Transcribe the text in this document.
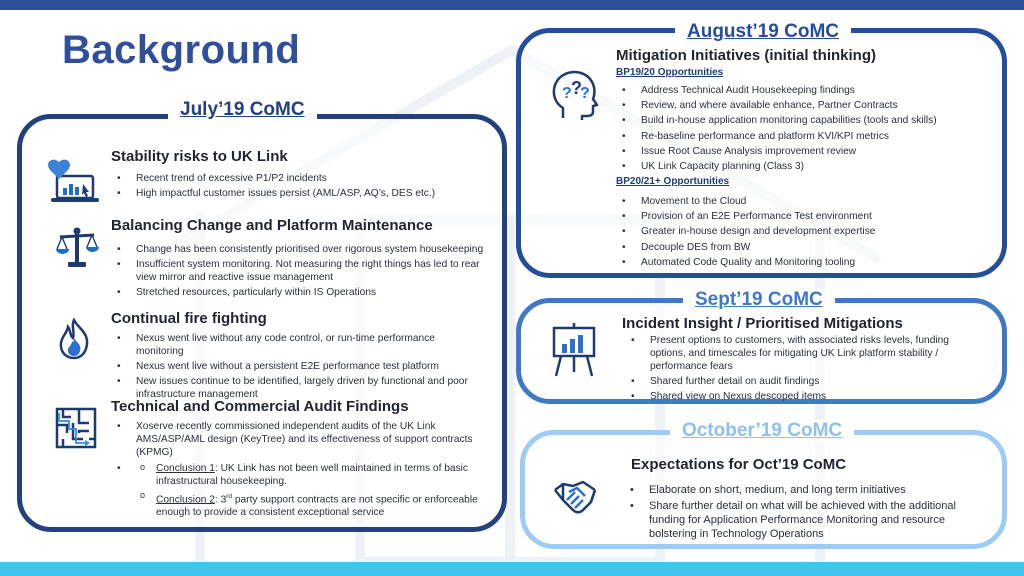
Background
July’19 CoMC
Stability risks to UK Link
• Recent trend of excessive P1/P2 incidents
• High impactful customer issues persist (AML/ASP, AQ’s, DES etc.)
Balancing Change and Platform Maintenance
• Change has been consistently prioritised over rigorous system housekeeping
• Insufficient system monitoring. Not measuring the right things has led to rear view mirror and reactive issue management
• Stretched resources, particularly within IS Operations
Continual fire fighting
• Nexus went live without any code control, or run-time performance monitoring
• Nexus went live without a persistent E2E performance test platform
• New issues continue to be identified, largely driven by functional and poor infrastructure management
Technical and Commercial Audit Findings
• Xoserve recently commissioned independent audits of the UK Link AMS/ASP/AML design (KeyTree) and its effectiveness of support contracts (KPMG)
o • Conclusion 1: UK Link has not been well maintained in terms of basic infrastructural housekeeping.
o Conclusion 2: 3rd party support contracts are not specific or enforceable enough to provide a consistent exceptional service
August’19 CoMC
? ?
?
Mitigation Initiatives (initial thinking)
BP19/20 Opportunities
• Address Technical Audit Housekeeping findings
• Review, and where available enhance, Partner Contracts
• Build in-house application monitoring capabilities (tools and skills)
• Re-baseline performance and platform KVI/KPI metrics
• Issue Root Cause Analysis improvement review
• UK Link Capacity planning (Class 3)
BP20/21+ Opportunities
• Movement to the Cloud
• Provision of an E2E Performance Test environment
• Greater in-house design and development expertise
• Decouple DES from BW
• Automated Code Quality and Monitoring tooling
Sept’19 CoMC
Incident Insight / Prioritised Mitigations
• Present options to customers, with associated risks levels, funding options, and timescales for mitigating UK Link platform stability / performance fears
• Shared further detail on audit findings
• Shared view on Nexus descoped items
October’19 CoMC
Expectations for Oct’19 CoMC
• Elaborate on short, medium, and long term initiatives
• Share further detail on what will be achieved with the additional funding for Application Performance Monitoring and resource bolstering in Technology Operations
